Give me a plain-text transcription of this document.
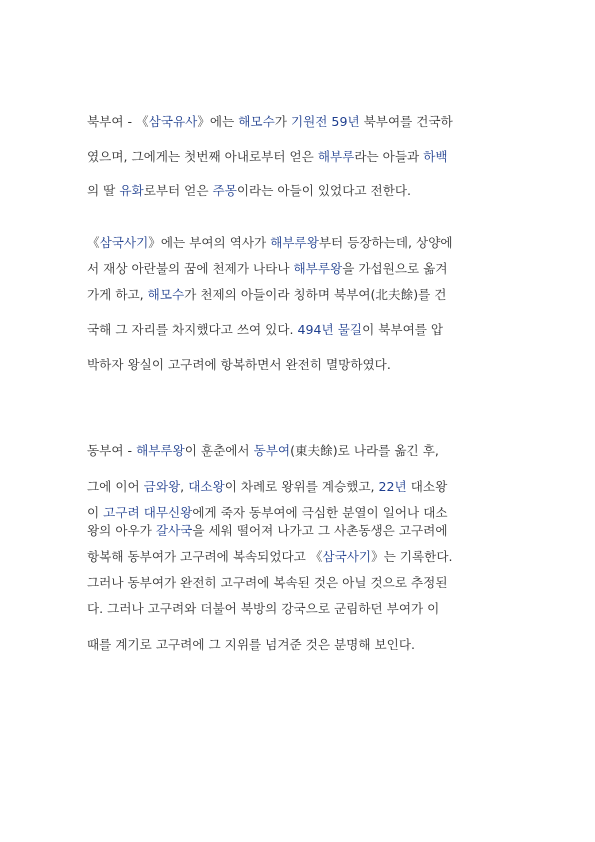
북부여 - 《삼국유사》에는 해모수가 기원전 59년 북부여를 건국하
였으며, 그에게는 첫번째 아내로부터 얻은 해부루라는 아들과 하백
의 딸 유화로부터 얻은 주몽이라는 아들이 있었다고 전한다.
《삼국사기》에는 부여의 역사가 해부루왕부터 등장하는데, 상양에
서 재상 아란불의 꿈에 천제가 나타나 해부루왕을 가섭원으로 옮겨
가게 하고, 해모수가 천제의 아들이라 칭하며 북부여(北夫餘)를 건
국해 그 자리를 차지했다고 쓰여 있다. 494년 물길이 북부여를 압
박하자 왕실이 고구려에 항복하면서 완전히 멸망하였다.
동부여 - 해부루왕이 훈춘에서 동부여(東夫餘)로 나라를 옮긴 후,
그에 이어 금와왕, 대소왕이 차례로 왕위를 계승했고, 22년 대소왕
이 고구려 대무신왕에게 죽자 동부여에 극심한 분열이 일어나 대소
왕의 아우가 갈사국을 세워 떨어져 나가고 그 사촌동생은 고구려에
항복해 동부여가 고구려에 복속되었다고 《삼국사기》는 기록한다.
그러나 동부여가 완전히 고구려에 복속된 것은 아닐 것으로 추정된
다. 그러나 고구려와 더불어 북방의 강국으로 군림하던 부여가 이
때를 계기로 고구려에 그 지위를 넘겨준 것은 분명해 보인다.
